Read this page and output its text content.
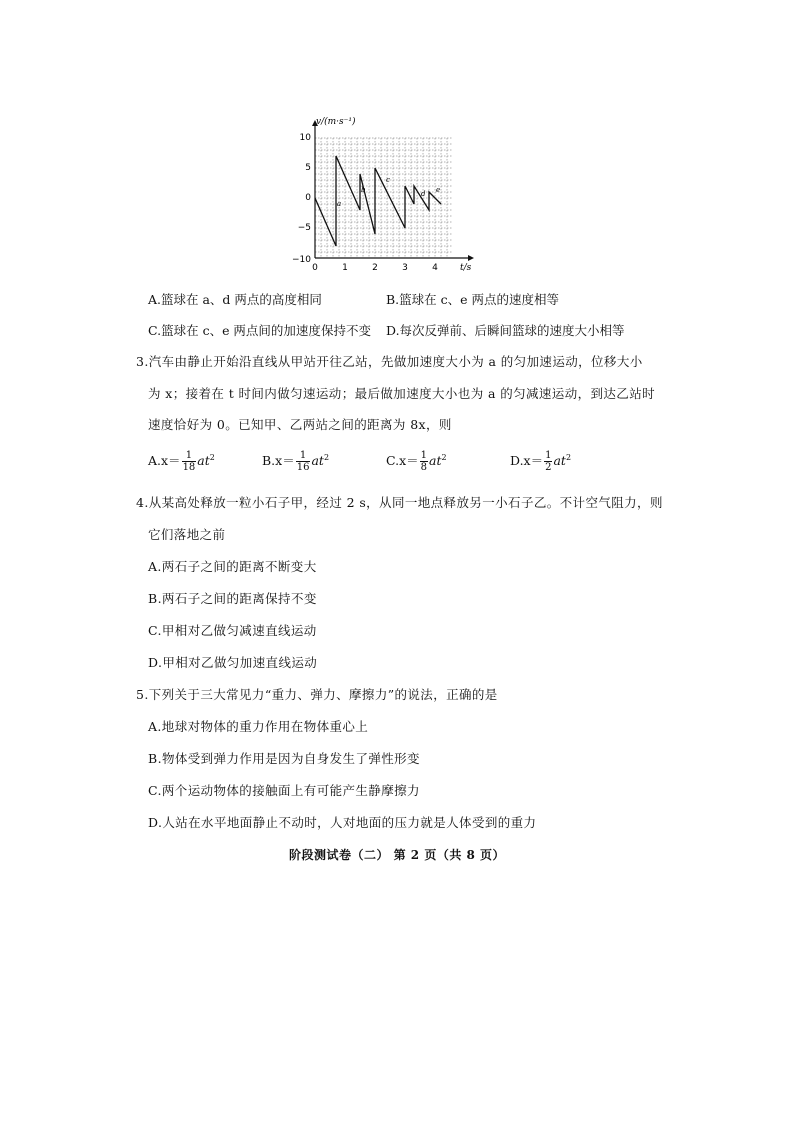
v/(m·s⁻¹)
t/s
10
5
0
−5
−10
0	1	2	3	4
a
b
c
d e
A.篮球在 a、d 两点的高度相同	B.篮球在 c、e 两点的速度相等
C.篮球在 c、e 两点间的加速度保持不变 D.每次反弹前、后瞬间篮球的速度大小相等
3.汽车由静止开始沿直线从甲站开往乙站，先做加速度大小为 a 的匀加速运动，位移大小
为 x；接着在 t 时间内做匀速运动；最后做加速度大小也为 a 的匀减速运动，到达乙站时
速度恰好为 0。已知甲、乙两站之间的距离为 8x，则
$A.x= \frac{1}{18} at^2$	$B.x= \frac{1}{16} at^2$	$C.x= \frac{1}{8} at^2$	$D.x= \frac{1}{2} at^2$
4.从某高处释放一粒小石子甲，经过 2 s，从同一地点释放另一小石子乙。不计空气阻力，则
它们落地之前
A.两石子之间的距离不断变大
B.两石子之间的距离保持不变
C.甲相对乙做匀减速直线运动
D.甲相对乙做匀加速直线运动
5.下列关于三大常见力“重力、弹力、摩擦力”的说法，正确的是
A.地球对物体的重力作用在物体重心上
B.物体受到弹力作用是因为自身发生了弹性形变
C.两个运动物体的接触面上有可能产生静摩擦力
D.人站在水平地面静止不动时，人对地面的压力就是人体受到的重力
阶段测试卷（二） 第 2 页（共 8 页）
